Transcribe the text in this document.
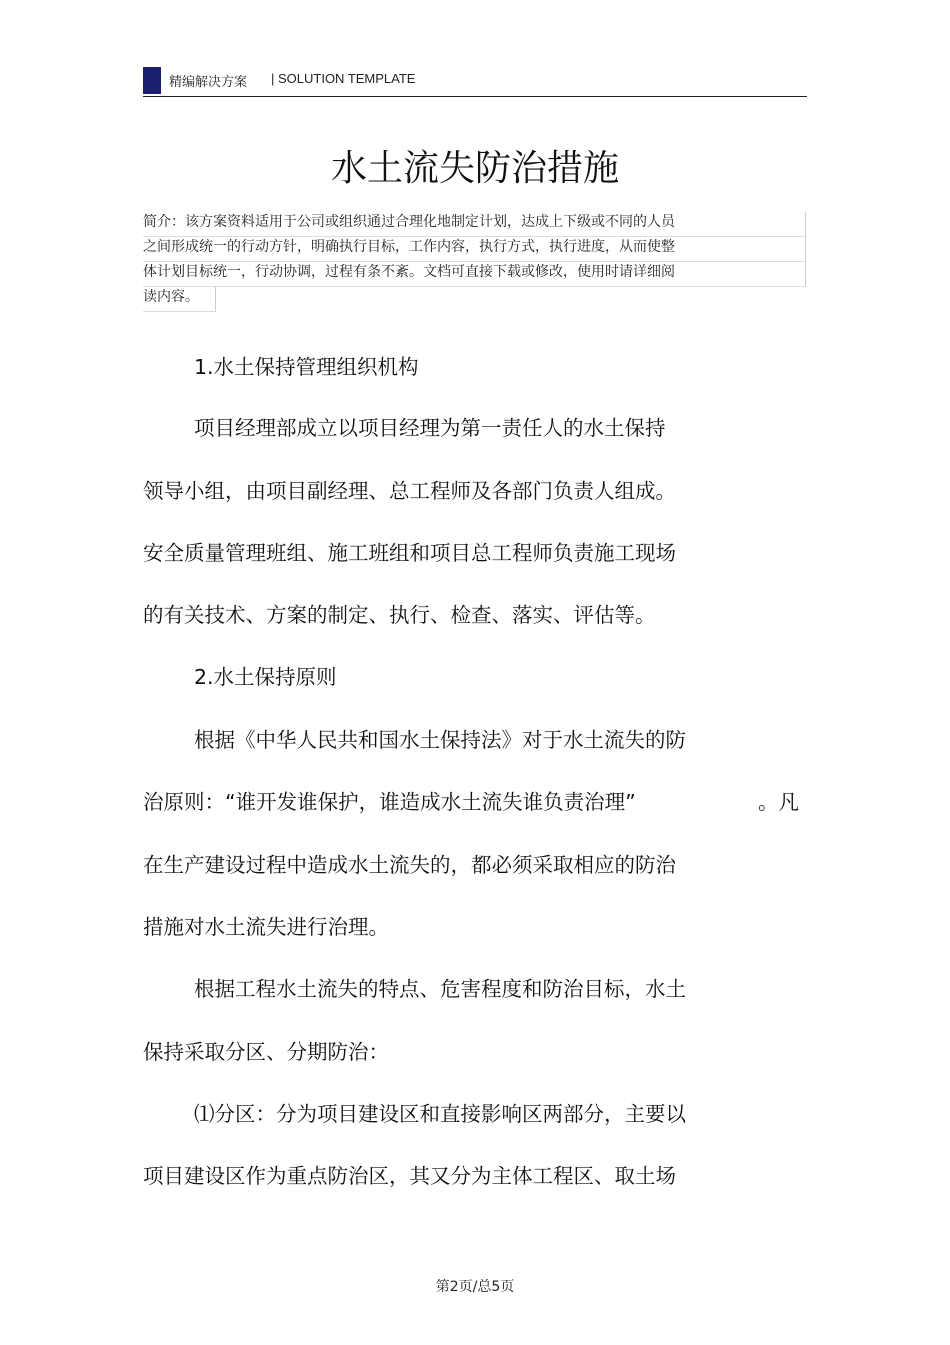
精编解决方案 | SOLUTION TEMPLATE
水土流失防治措施
简介：该方案资料适用于公司或组织通过合理化地制定计划，达成上下级或不同的人员
之间形成统一的行动方针，明确执行目标，工作内容，执行方式，执行进度，从而使整
体计划目标统一，行动协调，过程有条不紊。文档可直接下载或修改，使用时请详细阅
读内容。
1.水土保持管理组织机构
项目经理部成立以项目经理为第一责任人的水土保持
领导小组，由项目副经理、总工程师及各部门负责人组成。
安全质量管理班组、施工班组和项目总工程师负责施工现场
的有关技术、方案的制定、执行、检查、落实、评估等。
2.水土保持原则
根据《中华人民共和国水土保持法》对于水土流失的防
治原则：“谁开发谁保护，谁造成水土流失谁负责治理”	。凡
在生产建设过程中造成水土流失的，都必须采取相应的防治
措施对水土流失进行治理。
根据工程水土流失的特点、危害程度和防治目标，水土
保持采取分区、分期防治：
⑴分区：分为项目建设区和直接影响区两部分，主要以
项目建设区作为重点防治区，其又分为主体工程区、取土场
第2页/总5页
